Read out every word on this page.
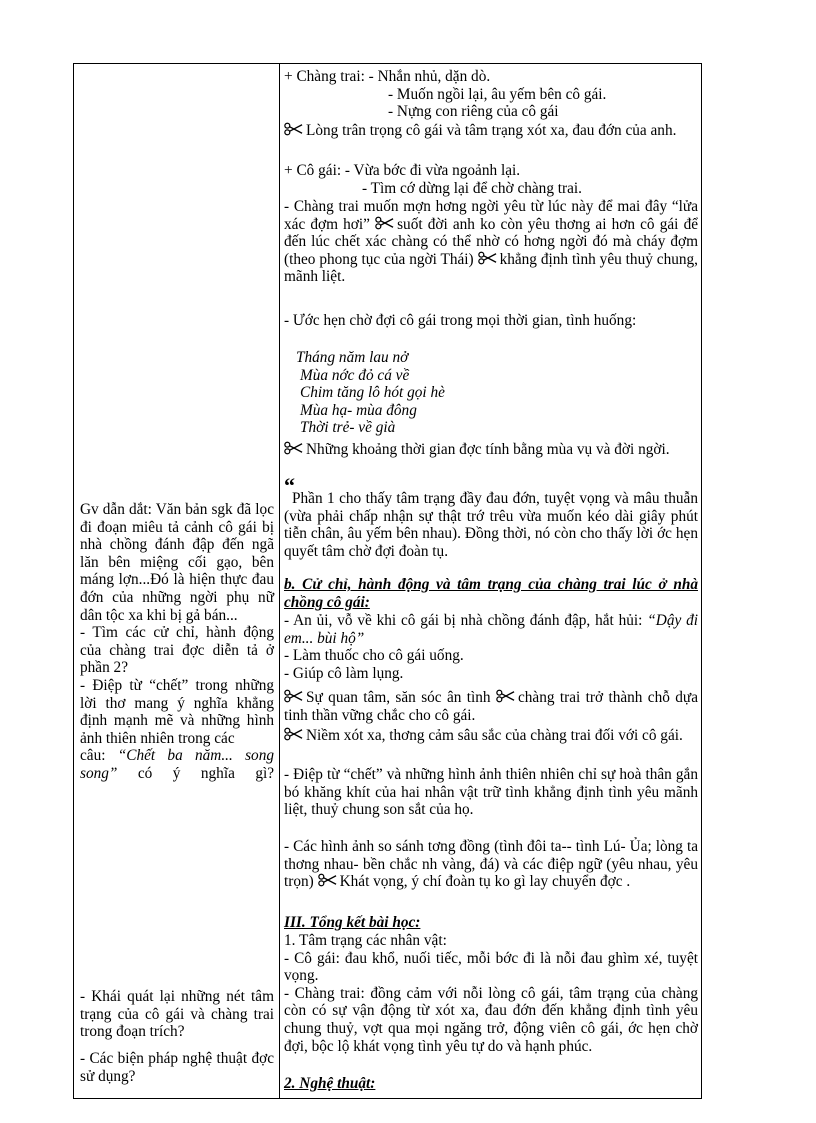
Gv dẫn dắt: Văn bản sgk đã lọc đi đoạn miêu tả cảnh cô gái bị nhà chồng đánh đập đến ngã lăn bên miệng cối gạo, bên máng lợn...Đó là hiện thực đau đớn của những ngời phụ nữ dân tộc xa khi bị gả bán...
- Tìm các cử chỉ, hành động của chàng trai đợc diễn tả ở phần 2?
- Điệp từ “chết” trong những lời thơ mang ý nghĩa khẳng định mạnh mẽ và những hình ảnh thiên nhiên trong các
câu: “Chết ba năm... song song” có ý nghĩa gì?
- Khái quát lại những nét tâm trạng của cô gái và chàng trai trong đoạn trích?
- Các biện pháp nghệ thuật đợc sử dụng?
+ Chàng trai: - Nhắn nhủ, dặn dò.
- Muốn ngồi lại, âu yếm bên cô gái.
- Nựng con riêng của cô gái
Lòng trân trọng cô gái và tâm trạng xót xa, đau đớn của anh.
+ Cô gái: - Vừa bớc đi vừa ngoảnh lại.
- Tìm cớ dừng lại để chờ chàng trai.
- Chàng trai muốn mợn hơng ngời yêu từ lúc này để mai đây “lửa xác đợm hơi” suốt đời anh ko còn yêu thơng ai hơn cô gái để đến lúc chết xác chàng có thể nhờ có hơng ngời đó mà cháy đợm (theo phong tục của ngời Thái) khẳng định tình yêu thuỷ chung, mãnh liệt.
- Ước hẹn chờ đợi cô gái trong mọi thời gian, tình huống:
Tháng năm lau nở
Mùa nớc đỏ cá về
Chim tăng lô hót gọi hè
Mùa hạ- mùa đông
Thời trẻ- về già
Những khoảng thời gian đợc tính bằng mùa vụ và đời ngời.
“
Phần 1 cho thấy tâm trạng đầy đau đớn, tuyệt vọng và mâu thuẫn (vừa phải chấp nhận sự thật trớ trêu vừa muốn kéo dài giây phút tiễn chân, âu yếm bên nhau). Đồng thời, nó còn cho thấy lời ớc hẹn quyết tâm chờ đợi đoàn tụ.
b. Cử chỉ, hành động và tâm trạng của chàng trai lúc ở nhà chồng cô gái:
- An ủi, vỗ về khi cô gái bị nhà chồng đánh đập, hắt hủi: “Dậy đi em... bùi hộ”
- Làm thuốc cho cô gái uống.
- Giúp cô làm lụng.
Sự quan tâm, săn sóc ân tình chàng trai trở thành chỗ dựa tinh thần vững chắc cho cô gái.
Niềm xót xa, thơng cảm sâu sắc của chàng trai đối với cô gái.
- Điệp từ “chết” và những hình ảnh thiên nhiên chỉ sự hoà thân gắn bó khăng khít của hai nhân vật trữ tình khẳng định tình yêu mãnh liệt, thuỷ chung son sắt của họ.
- Các hình ảnh so sánh tơng đồng (tình đôi ta-- tình Lú- Ủa; lòng ta thơng nhau- bền chắc nh vàng, đá) và các điệp ngữ (yêu nhau, yêu trọn) Khát vọng, ý chí đoàn tụ ko gì lay chuyển đợc .
III. Tổng kết bài học:
1. Tâm trạng các nhân vật:
- Cô gái: đau khổ, nuối tiếc, mỗi bớc đi là nỗi đau ghìm xé, tuyệt vọng.
- Chàng trai: đồng cảm với nỗi lòng cô gái, tâm trạng của chàng còn có sự vận động từ xót xa, đau đớn đến khẳng định tình yêu chung thuỷ, vợt qua mọi ngăng trở, động viên cô gái, ớc hẹn chờ đợi, bộc lộ khát vọng tình yêu tự do và hạnh phúc.
2. Nghệ thuật:
